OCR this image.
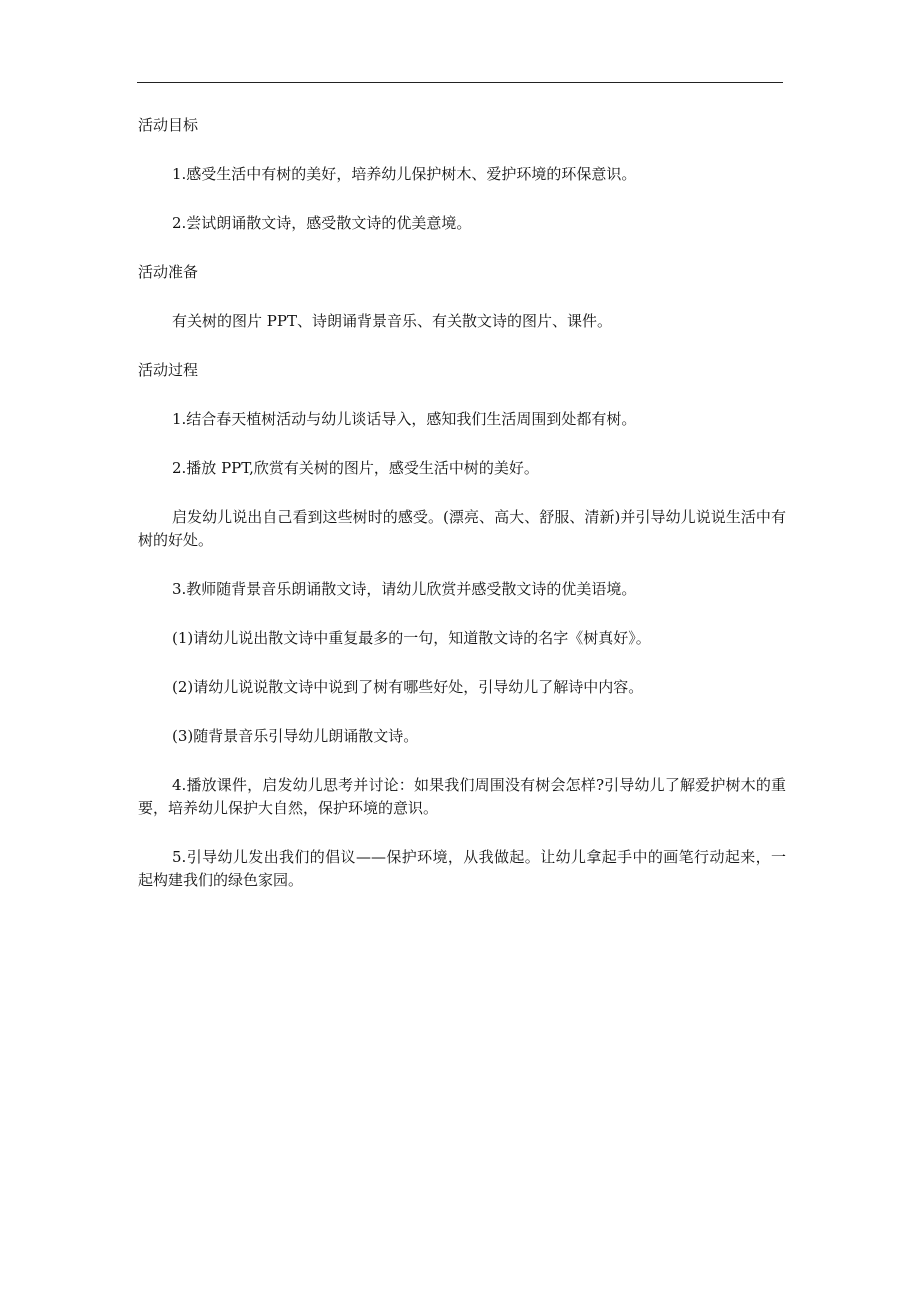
活动目标

1.感受生活中有树的美好，培养幼儿保护树木、爱护环境的环保意识。

2.尝试朗诵散文诗，感受散文诗的优美意境。

活动准备

有关树的图片 PPT、诗朗诵背景音乐、有关散文诗的图片、课件。

活动过程

1.结合春天植树活动与幼儿谈话导入，感知我们生活周围到处都有树。

2.播放 PPT,欣赏有关树的图片，感受生活中树的美好。

启发幼儿说出自己看到这些树时的感受。(漂亮、高大、舒服、清新)并引导幼儿说说生活中有树的好处。

3.教师随背景音乐朗诵散文诗，请幼儿欣赏并感受散文诗的优美语境。

(1)请幼儿说出散文诗中重复最多的一句，知道散文诗的名字《树真好》。

(2)请幼儿说说散文诗中说到了树有哪些好处，引导幼儿了解诗中内容。

(3)随背景音乐引导幼儿朗诵散文诗。

4.播放课件，启发幼儿思考并讨论：如果我们周围没有树会怎样?引导幼儿了解爱护树木的重要，培养幼儿保护大自然，保护环境的意识。

5.引导幼儿发出我们的倡议——保护环境，从我做起。让幼儿拿起手中的画笔行动起来，一起构建我们的绿色家园。
